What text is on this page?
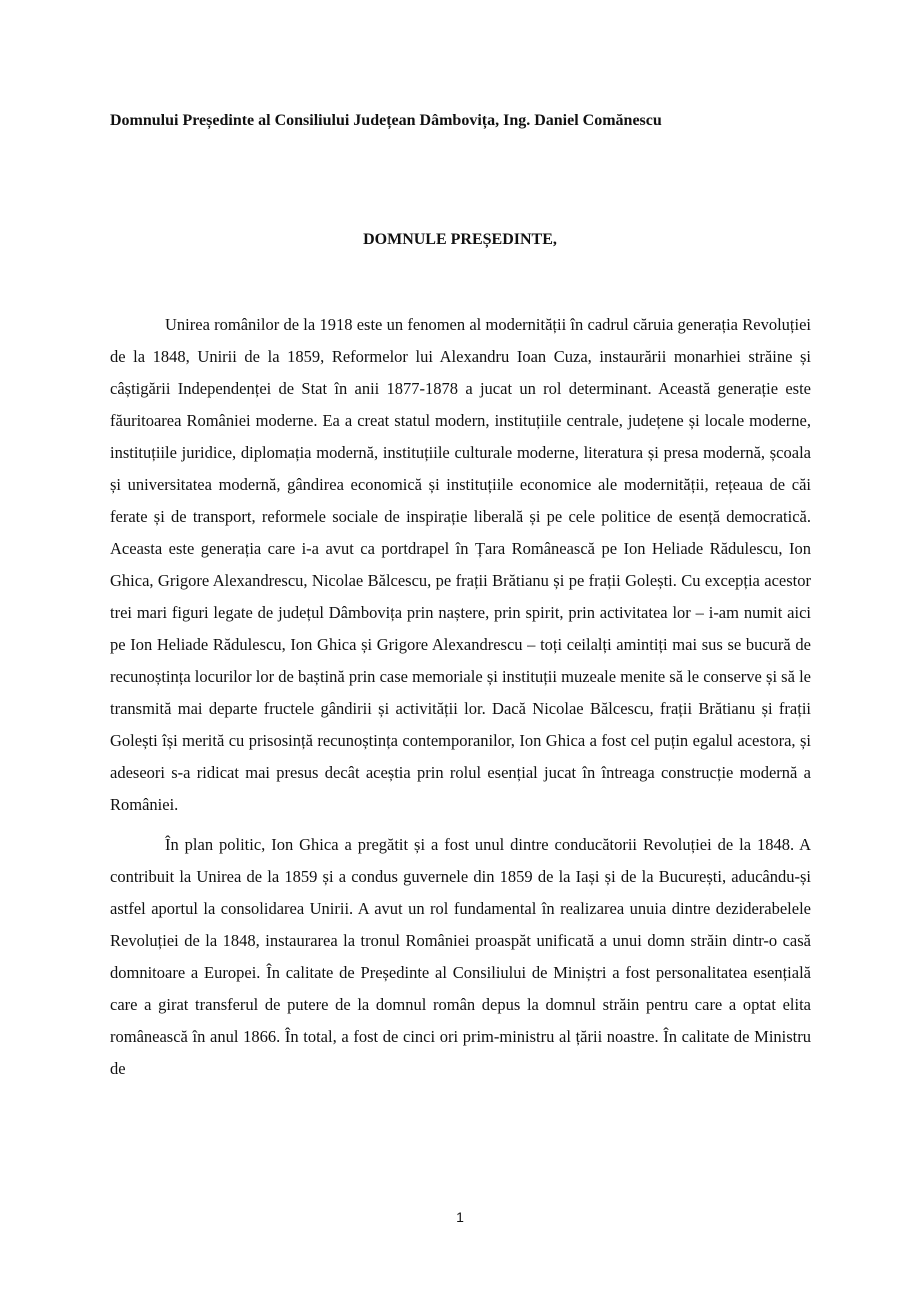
Domnului Președinte al Consiliului Județean Dâmbovița, Ing. Daniel Comănescu
DOMNULE PREȘEDINTE,

Unirea românilor de la 1918 este un fenomen al modernității în cadrul căruia generația Revoluției de la 1848, Unirii de la 1859, Reformelor lui Alexandru Ioan Cuza, instaurării monarhiei străine și câștigării Independenței de Stat în anii 1877-1878 a jucat un rol determinant. Această generație este făuritoarea României moderne. Ea a creat statul modern, instituțiile centrale, județene și locale moderne, instituțiile juridice, diplomația modernă, instituțiile culturale moderne, literatura și presa modernă, școala și universitatea modernă, gândirea economică și instituțiile economice ale modernității, rețeaua de căi ferate și de transport, reformele sociale de inspirație liberală și pe cele politice de esență democratică. Aceasta este generația care i-a avut ca portdrapel în Țara Românească pe Ion Heliade Rădulescu, Ion Ghica, Grigore Alexandrescu, Nicolae Bălcescu, pe frații Brătianu și pe frații Golești. Cu excepția acestor trei mari figuri legate de județul Dâmbovița prin naștere, prin spirit, prin activitatea lor – i-am numit aici pe Ion Heliade Rădulescu, Ion Ghica și Grigore Alexandrescu – toți ceilalți amintiți mai sus se bucură de recunoștința locurilor lor de baștină prin case memoriale și instituții muzeale menite să le conserve și să le transmită mai departe fructele gândirii și activității lor. Dacă Nicolae Bălcescu, frații Brătianu și frații Golești își merită cu prisosință recunoștința contemporanilor, Ion Ghica a fost cel puțin egalul acestora, și adeseori s-a ridicat mai presus decât aceștia prin rolul esențial jucat în întreaga construcție modernă a României.

În plan politic, Ion Ghica a pregătit și a fost unul dintre conducătorii Revoluției de la 1848. A contribuit la Unirea de la 1859 și a condus guvernele din 1859 de la Iași și de la București, aducându-și astfel aportul la consolidarea Unirii. A avut un rol fundamental în realizarea unuia dintre deziderabelele Revoluției de la 1848, instaurarea la tronul României proaspăt unificată a unui domn străin dintr-o casă domnitoare a Europei. În calitate de Președinte al Consiliului de Miniștri a fost personalitatea esențială care a girat transferul de putere de la domnul român depus la domnul străin pentru care a optat elita românească în anul 1866. În total, a fost de cinci ori prim-ministru al țării noastre. În calitate de Ministru de

1
